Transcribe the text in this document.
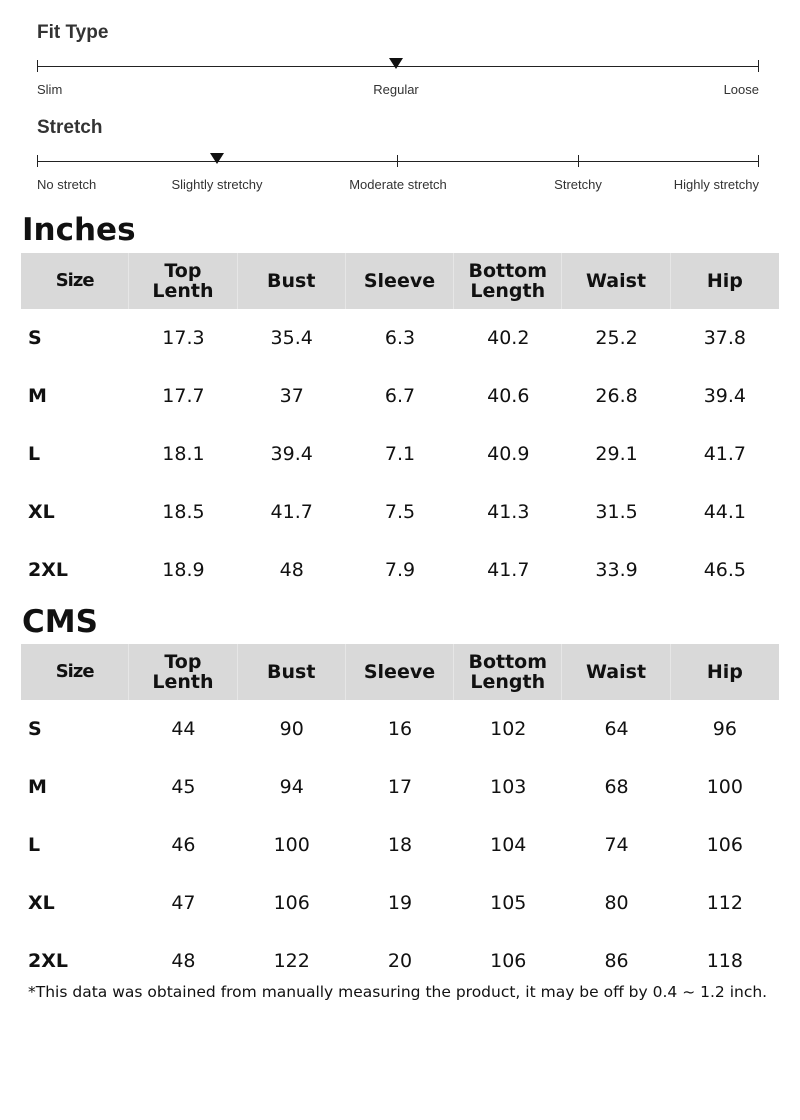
Fit Type
Slim	Regular	Loose
Stretch
No stretch	Slightly stretchy	Moderate stretch	Stretchy	Highly stretchy
Inches
Size	Top Lenth	Bust	Sleeve	Bottom Length	Waist	Hip
S	17.3	35.4	6.3	40.2	25.2	37.8
M	17.7	37	6.7	40.6	26.8	39.4
L	18.1	39.4	7.1	40.9	29.1	41.7
XL	18.5	41.7	7.5	41.3	31.5	44.1
2XL	18.9	48	7.9	41.7	33.9	46.5
CMS
Size	Top Lenth	Bust	Sleeve	Bottom Length	Waist	Hip
S	44	90	16	102	64	96
M	45	94	17	103	68	100
L	46	100	18	104	74	106
XL	47	106	19	105	80	112
2XL	48	122	20	106	86	118
*This data was obtained from manually measuring the product, it may be off by 0.4 ~ 1.2 inch.
